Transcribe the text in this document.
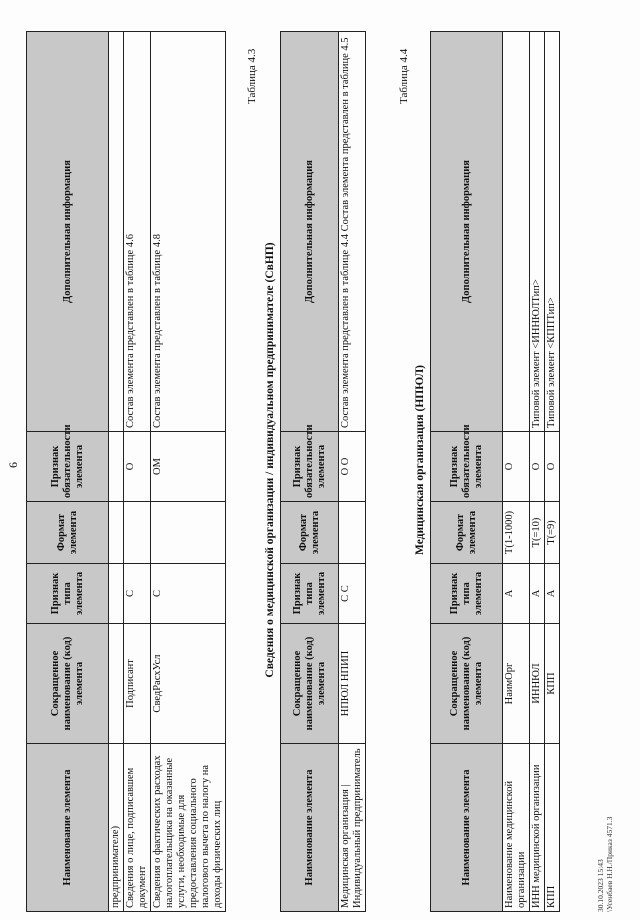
6
Наименование элемента	Сокращенное наименование (код) элемента	Признак типа элемента	Формат элемента	Признак обязательности элемента	Дополнительная информация
предпринимателе)					
Сведения о лице, подписавшем документ	Подписант	С		О	Состав элемента представлен в таблице 4.6
Сведения о фактических расходах налогоплательщика на оказанные услуги, необходимые для предоставления социального налогового вычета по налогу на доходы физических лиц	СведРасхУсл	С		ОМ	Состав элемента представлен в таблице 4.8
Таблица 4.3
Сведения о медицинской организации / индивидуальном предпринимателе (СвНП)
Наименование элемента	Сокращенное наименование (код) элемента	Признак типа элемента	Формат элемента	Признак обязательности элемента	Дополнительная информация
Медицинская организация | Индивидуальный предприниматель	НПЮЛ НПИП	С С		О О	Состав элемента представлен в таблице 4.4 Состав элемента представлен в таблице 4.5	Таблица 4.4
Медицинская организация (НПЮЛ)
Наименование элемента	Сокращенное наименование (код) элемента	Признак типа элемента	Формат элемента	Признак обязательности элемента	Дополнительная информация
Наименование медицинской организации	НаимОрг	А	T(1-1000)	О	
ИНН медицинской организации	ИННЮЛ	А	T(=10)	О	Типовой элемент <ИННЮЛТип>
КПП	КПП	А	T(=9)	О	Типовой элемент <КППТип>
30.10.2023 15:43 \Усенбаев Н.Н./Приказ 4571.3
